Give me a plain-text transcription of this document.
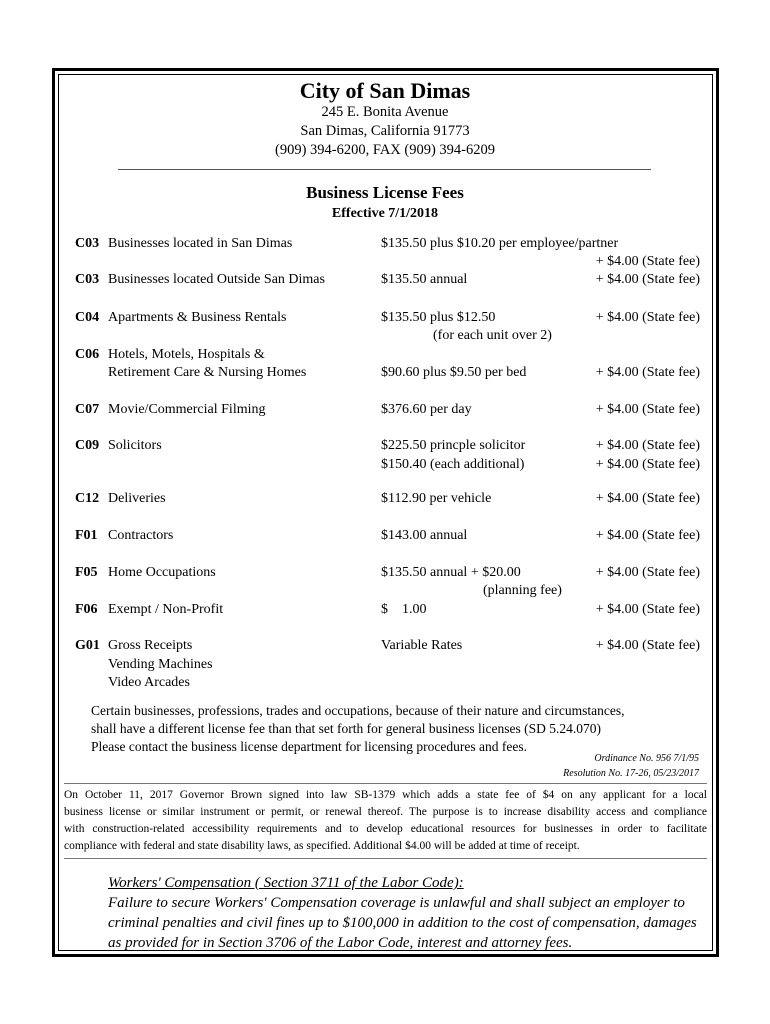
City of San Dimas
245 E. Bonita Avenue
San Dimas, California 91773
(909) 394-6200, FAX (909) 394-6209
Business License Fees
Effective 7/1/2018
C03 Businesses located in San Dimas	$135.50 plus $10.20 per employee/partner
+ $4.00 (State fee)
C03 Businesses located Outside San Dimas	$135.50 annual	+ $4.00 (State fee)
C04 Apartments & Business Rentals	$135.50 plus $12.50	+ $4.00 (State fee)
(for each unit over 2)
C06 Hotels, Motels, Hospitals &
Retirement Care & Nursing Homes	$90.60 plus $9.50 per bed	+ $4.00 (State fee)
C07 Movie/Commercial Filming	$376.60 per day	+ $4.00 (State fee)
C09 Solicitors	$225.50 princple solicitor	+ $4.00 (State fee)
$150.40 (each additional)	+ $4.00 (State fee)
C12 Deliveries	$112.90 per vehicle	+ $4.00 (State fee)
F01 Contractors	$143.00 annual	+ $4.00 (State fee)
F05 Home Occupations	$135.50 annual + $20.00	+ $4.00 (State fee)
(planning fee)
F06 Exempt / Non-Profit	$    1.00	+ $4.00 (State fee)
G01 Gross Receipts	Variable Rates	+ $4.00 (State fee)
Vending Machines
Video Arcades
Certain businesses, professions, trades and occupations, because of their nature and circumstances,
shall have a different license fee than that set forth for general business licenses (SD 5.24.070)
Please contact the business license department for licensing procedures and fees.
Ordinance No. 956 7/1/95
Resolution No. 17-26, 05/23/2017
On October 11, 2017 Governor Brown signed into law SB-1379 which adds a state fee of $4 on any applicant for a local
business license or similar instrument or permit, or renewal thereof. The purpose is to increase disability access and compliance
with construction-related accessibility requirements and to develop educational resources for businesses in order to facilitate
compliance with federal and state disability laws, as specified. Additional $4.00 will be added at time of receipt.
Workers' Compensation ( Section 3711 of the Labor Code):
Failure to secure Workers' Compensation coverage is unlawful and shall subject an employer to
criminal penalties and civil fines up to $100,000 in addition to the cost of compensation, damages
as provided for in Section 3706 of the Labor Code, interest and attorney fees.
